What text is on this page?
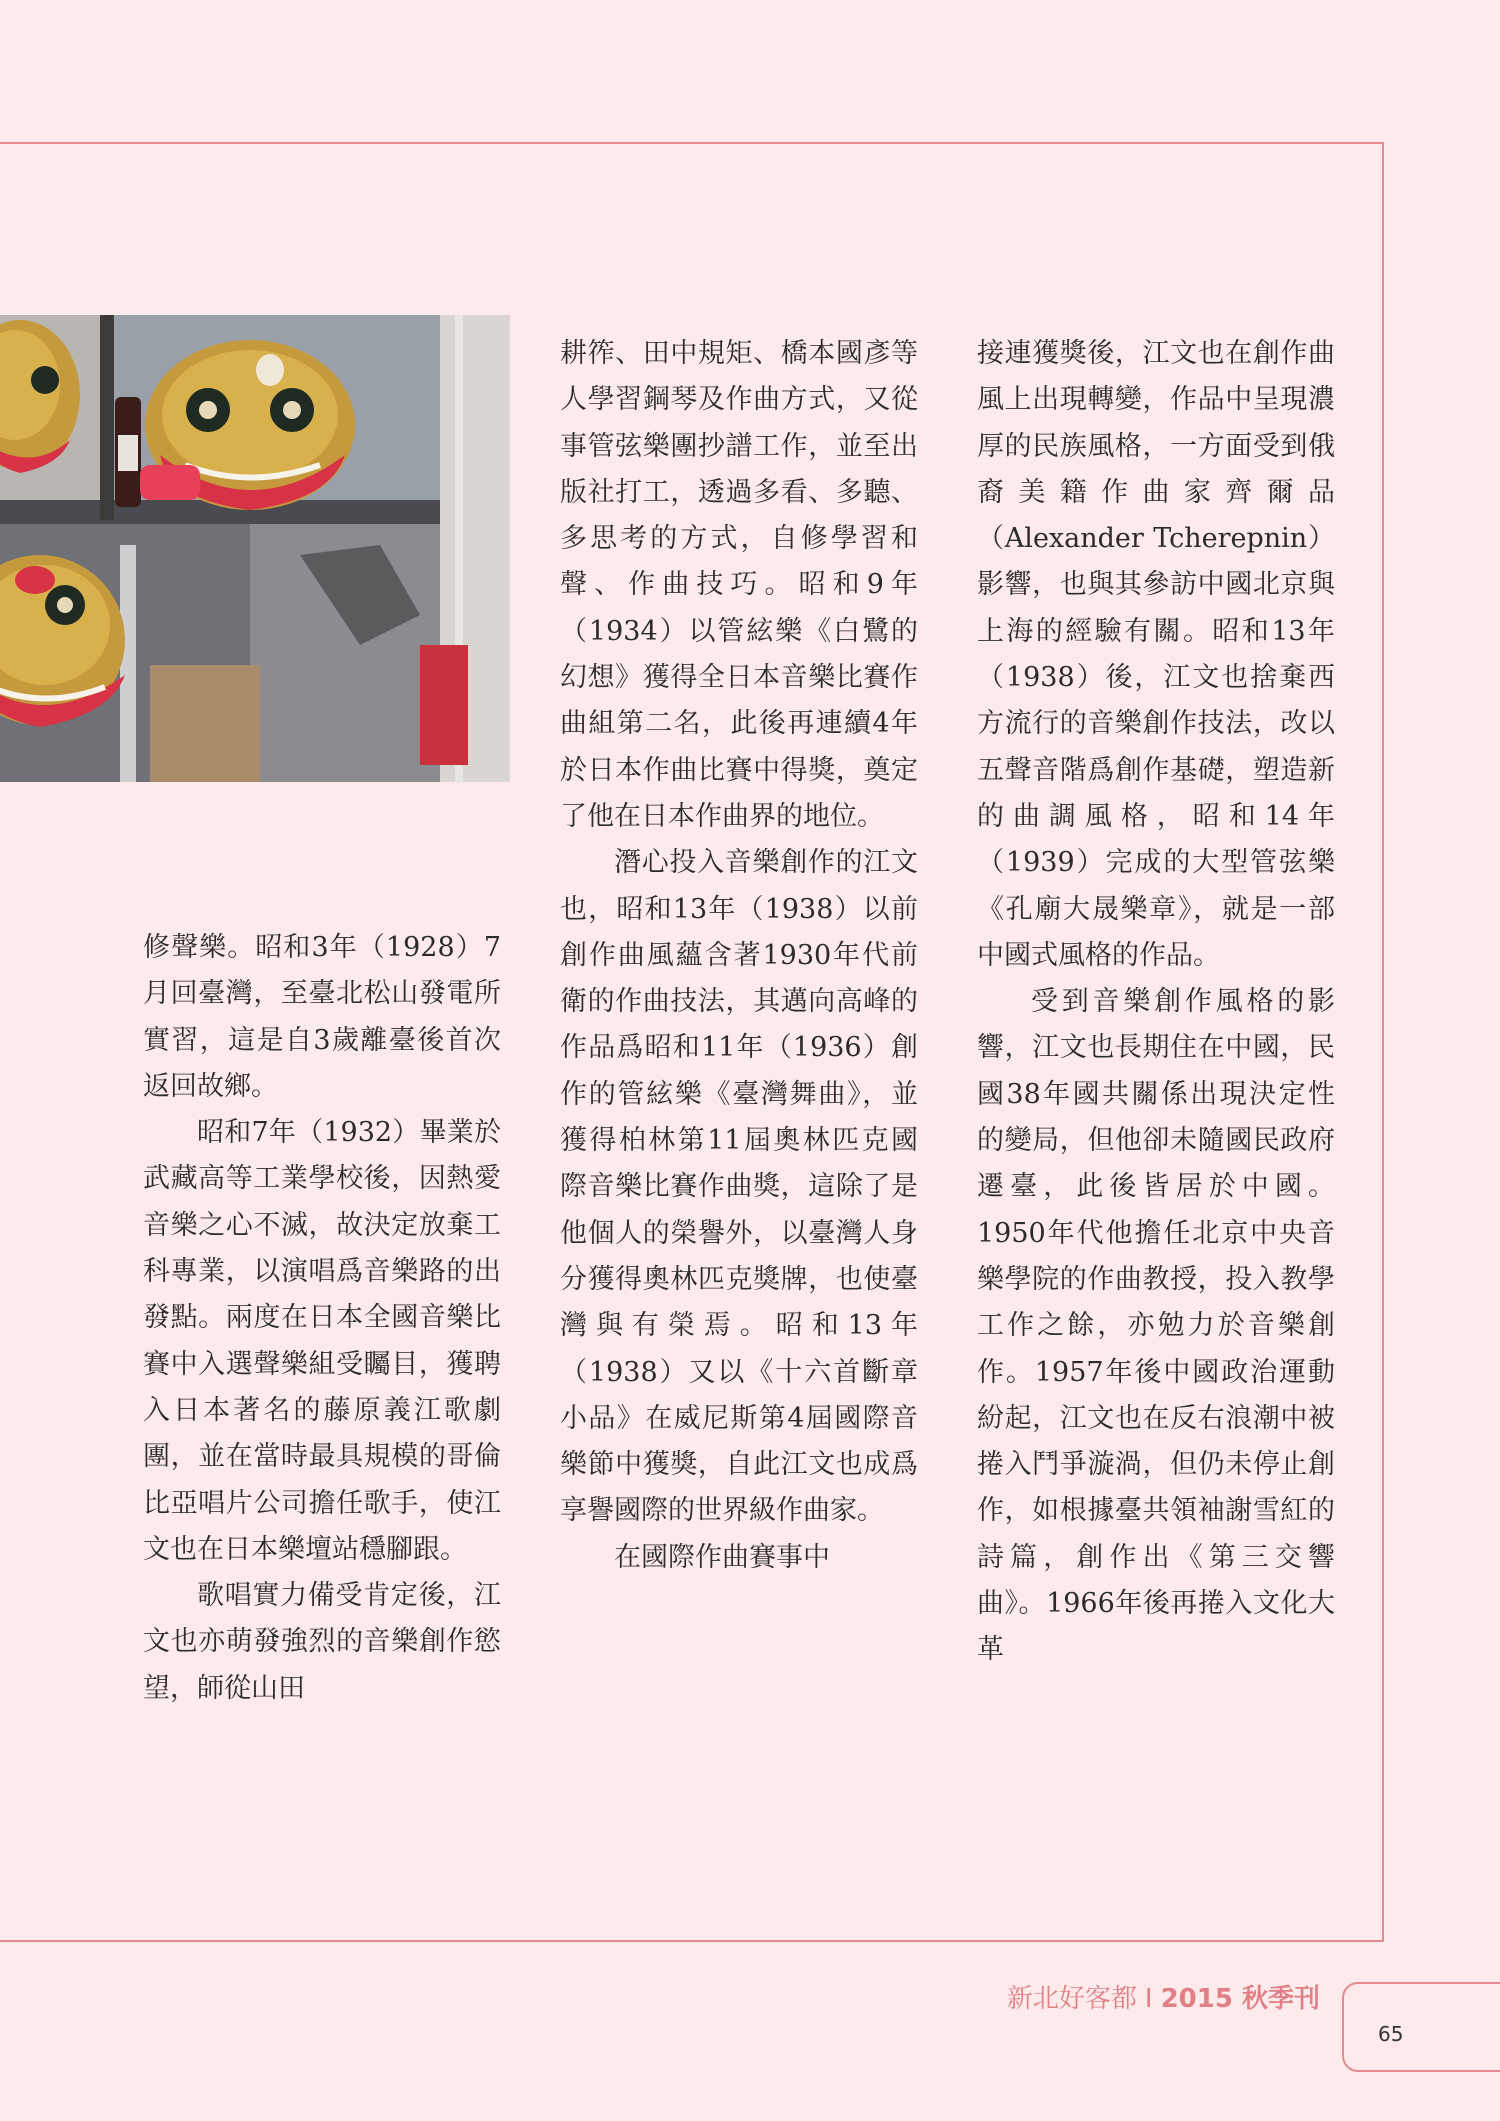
修聲樂。昭和3年（1928）7月回臺灣，至臺北松山發電所實習，這是自3歲離臺後首次返回故鄉。

昭和7年（1932）畢業於武藏高等工業學校後，因熱愛音樂之心不滅，故決定放棄工科專業，以演唱爲音樂路的出發點。兩度在日本全國音樂比賽中入選聲樂組受矚目，獲聘入日本著名的藤原義江歌劇團，並在當時最具規模的哥倫比亞唱片公司擔任歌手，使江文也在日本樂壇站穩腳跟。

歌唱實力備受肯定後，江文也亦萌發強烈的音樂創作慾望，師從山田

耕筰、田中規矩、橋本國彥等人學習鋼琴及作曲方式，又從事管弦樂團抄譜工作，並至出版社打工，透過多看、多聽、多思考的方式，自修學習和聲、作曲技巧。昭和9年（1934）以管絃樂《白鷺的幻想》獲得全日本音樂比賽作曲組第二名，此後再連續4年於日本作曲比賽中得獎，奠定了他在日本作曲界的地位。

潛心投入音樂創作的江文也，昭和13年（1938）以前創作曲風蘊含著1930年代前衛的作曲技法，其邁向高峰的作品爲昭和11年（1936）創作的管絃樂《臺灣舞曲》，並獲得柏林第11屆奧林匹克國際音樂比賽作曲獎，這除了是他個人的榮譽外，以臺灣人身分獲得奧林匹克獎牌，也使臺灣與有榮焉。昭和13年（1938）又以《十六首斷章小品》在威尼斯第4屆國際音樂節中獲獎，自此江文也成爲享譽國際的世界級作曲家。

在國際作曲賽事中

接連獲獎後，江文也在創作曲風上出現轉變，作品中呈現濃厚的民族風格，一方面受到俄裔美籍作曲家齊爾品（Alexander Tcherepnin）影響，也與其參訪中國北京與上海的經驗有關。昭和13年（1938）後，江文也捨棄西方流行的音樂創作技法，改以五聲音階爲創作基礎，塑造新的曲調風格，昭和14年（1939）完成的大型管弦樂《孔廟大晟樂章》，就是一部中國式風格的作品。

受到音樂創作風格的影響，江文也長期住在中國，民國38年國共關係出現決定性的變局，但他卻未隨國民政府遷臺，此後皆居於中國。1950年代他擔任北京中央音樂學院的作曲教授，投入教學工作之餘，亦勉力於音樂創作。1957年後中國政治運動紛起，江文也在反右浪潮中被捲入鬥爭漩渦，但仍未停止創作，如根據臺共領袖謝雪紅的詩篇，創作出《第三交響曲》。1966年後再捲入文化大革

新北好客都 I 2015 秋季刊
65
